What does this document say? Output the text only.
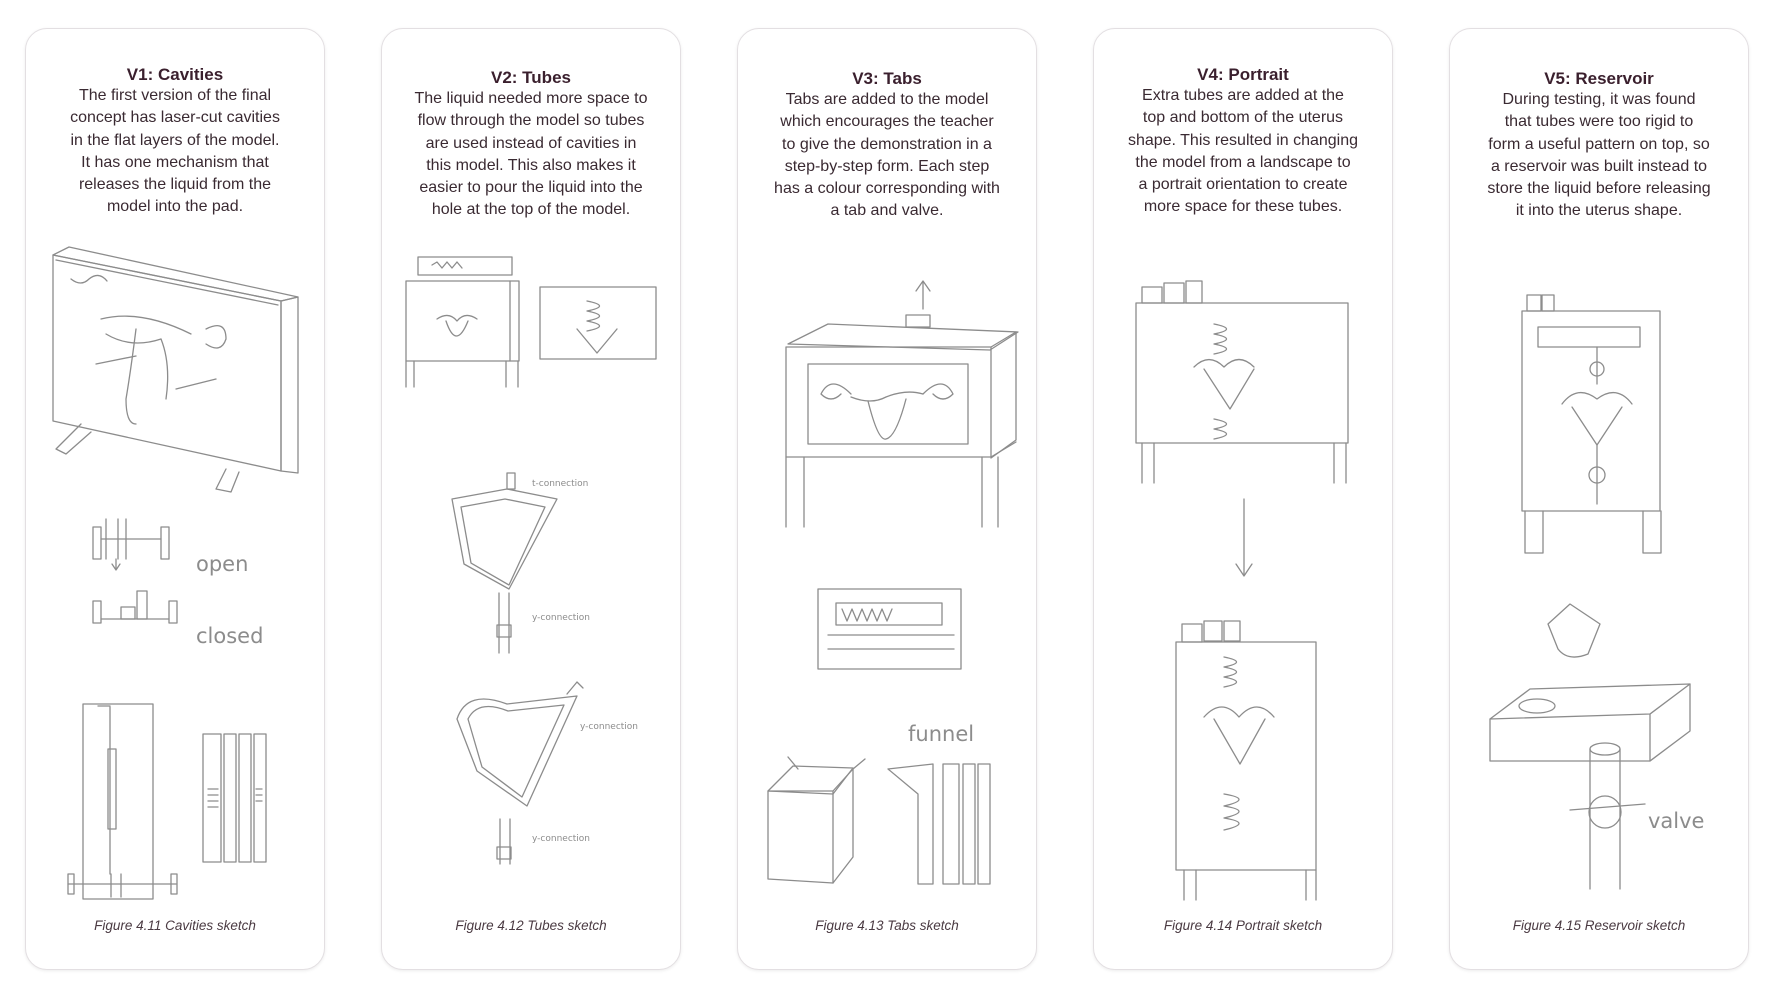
open
closed
V1: Cavities

The first version of the final
concept has laser-cut cavities
in the flat layers of the model.
It has one mechanism that
releases the liquid from the
model into the pad.

Figure 4.11 Cavities sketch

t-connection
y-connection
y-connection
y-connection
V2: Tubes

The liquid needed more space to
flow through the model so tubes
are used instead of cavities in
this model. This also makes it
easier to pour the liquid into the
hole at the top of the model.

Figure 4.12 Tubes sketch

funnel
V3: Tabs

Tabs are added to the model
which encourages the teacher
to give the demonstration in a
step-by-step form. Each step
has a colour corresponding with
a tab and valve.

Figure 4.13 Tabs sketch

V4: Portrait

Extra tubes are added at the
top and bottom of the uterus
shape. This resulted in changing
the model from a landscape to
a portrait orientation to create
more space for these tubes.

Figure 4.14 Portrait sketch

valve
V5: Reservoir

During testing, it was found
that tubes were too rigid to
form a useful pattern on top, so
a reservoir was built instead to
store the liquid before releasing
it into the uterus shape.

Figure 4.15 Reservoir sketch
